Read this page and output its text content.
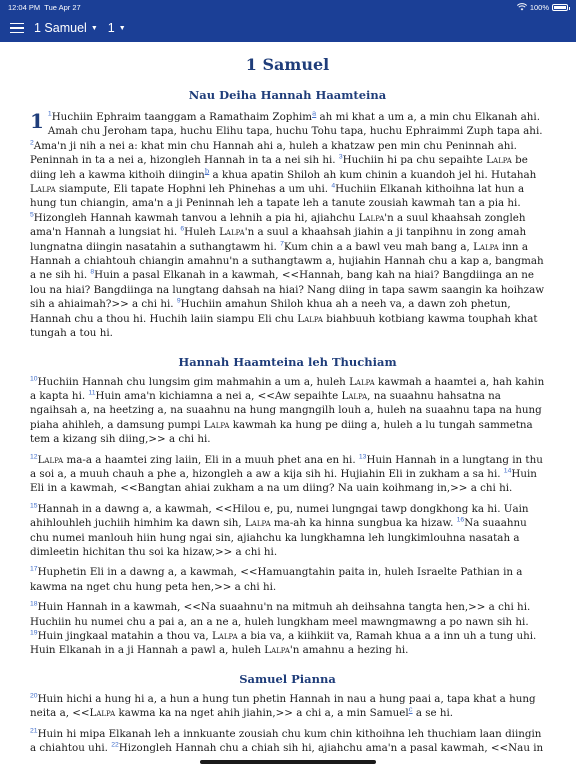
12:04 PM Tue Apr 27	100%
1 Samuel ▼ 1 ▼
1 Samuel
Nau Deiha Hannah Haamteina

1 $^1$Huchiin Ephraim taanggam a Ramathaim Zophim$^a$ ah mi khat a um a, a min chu Elkanah ahi.
Amah chu Jeroham tapa, huchu Elihu tapa, huchu Tohu tapa, huchu Ephraimmi Zuph tapa ahi. $^2$Ama'n ji nih a nei a: khat min chu Hannah ahi a, huleh a khatzaw pen min chu Peninnah ahi. Peninnah in ta a nei a, hizongleh Hannah in ta a nei sih hi. $^3$Huchiin hi pa chu sepaihte Lalpa be diing leh a kawma kithoih diingin$^b$ a khua apatin Shiloh ah kum chinin a kuandoh jel hi. Hutahah Lalpa siampute, Eli tapate Hophni leh Phinehas a um uhi. $^4$Huchiin Elkanah kithoihna lat hun a hung tun chiangin, ama'n a ji Peninnah leh a tapate leh a tanute zousiah kawmah tan a pia hi. $^5$Hizongleh Hannah kawmah tanvou a lehnih a pia hi, ajiahchu Lalpa'n a suul khaahsah zongleh ama'n Hannah a lungsiat hi. $^6$Huleh Lalpa'n a suul a khaahsah jiahin a ji tanpihnu in zong amah lungnatna diingin nasatahin a suthangtawm hi. $^7$Kum chin a a bawl veu mah bang a, Lalpa inn a Hannah a chiahtouh chiangin amahnu'n a suthangtawm a, hujiahin Hannah chu a kap a, bangmah a ne sih hi. $^8$Huin a pasal Elkanah in a kawmah, <<Hannah, bang kah na hiai? Bangdiinga an ne lou na hiai? Bangdiinga na lungtang dahsah na hiai? Nang diing in tapa sawm saangin ka hoihzaw sih a ahiaimah?>> a chi hi. $^9$Huchiin amahun Shiloh khua ah a neeh va, a dawn zoh phetun, Hannah chu a thou hi. Huchih laiin siampu Eli chu Lalpa biahbuuh kotbiang kawma touphah khat tungah a tou hi.

Hannah Haamteina leh Thuchiam

$^{10}$Huchiin Hannah chu lungsim gim mahmahin a um a, huleh Lalpa kawmah a haamtei a, hah kahin a kapta hi. $^{11}$Huin ama'n kichiamna a nei a, <<Aw sepaihte Lalpa, na suaahnu hahsatna na ngaihsah a, na heetzing a, na suaahnu na hung mangngilh louh a, huleh na suaahnu tapa na hung piaha ahihleh, a damsung pumpi Lalpa kawmah ka hung pe diing a, huleh a lu tungah sammetna tem a kizang sih diing,>> a chi hi.

$^{12}$Lalpa ma-a a haamtei zing laiin, Eli in a muuh phet ana en hi. $^{13}$Huin Hannah in a lungtang in thu a soi a, a muuh chauh a phe a, hizongleh a aw a kija sih hi. Hujiahin Eli in zukham a sa hi. $^{14}$Huin Eli in a kawmah, <<Bangtan ahiai zukham a na um diing? Na uain koihmang in,>> a chi hi.

$^{15}$Hannah in a dawng a, a kawmah, <<Hilou e, pu, numei lungngai tawp dongkhong ka hi. Uain ahihlouhleh juchiih himhim ka dawn sih, Lalpa ma-ah ka hinna sungbua ka hizaw. $^{16}$Na suaahnu chu numei manlouh hiin hung ngai sin, ajiahchu ka lungkhamna leh lungkimlouhna nasatah a dimleetin hichitan thu soi ka hizaw,>> a chi hi.

$^{17}$Huphetin Eli in a dawng a, a kawmah, <<Hamuangtahin paita in, huleh Israelte Pathian in a kawma na nget chu hung peta hen,>> a chi hi.

$^{18}$Huin Hannah in a kawmah, <<Na suaahnu'n na mitmuh ah deihsahna tangta hen,>> a chi hi. Huchiin hu numei chu a pai a, an a ne a, huleh lungkham meel mawngmawng a po nawn sih hi. $^{19}$Huin jingkaal matahin a thou va, Lalpa a bia va, a kiihkiit va, Ramah khua a a inn uh a tung uhi. Huin Elkanah in a ji Hannah a pawl a, huleh Lalpa'n amahnu a hezing hi.

Samuel Pianna

$^{20}$Huin hichi a hung hi a, a hun a hung tun phetin Hannah in nau a hung paai a, tapa khat a hung neita a, <<Lalpa kawma ka na nget ahih jiahin,>> a chi a, a min Samuel$^c$ a se hi.

$^{21}$Huin hi mipa Elkanah leh a innkuante zousiah chu kum chin kithoihna leh thuchiam laan diingin a chiahtou uhi. $^{22}$Hizongleh Hannah chu a chiah sih hi, ajiahchu ama'n a pasal kawmah, <<Nau in
